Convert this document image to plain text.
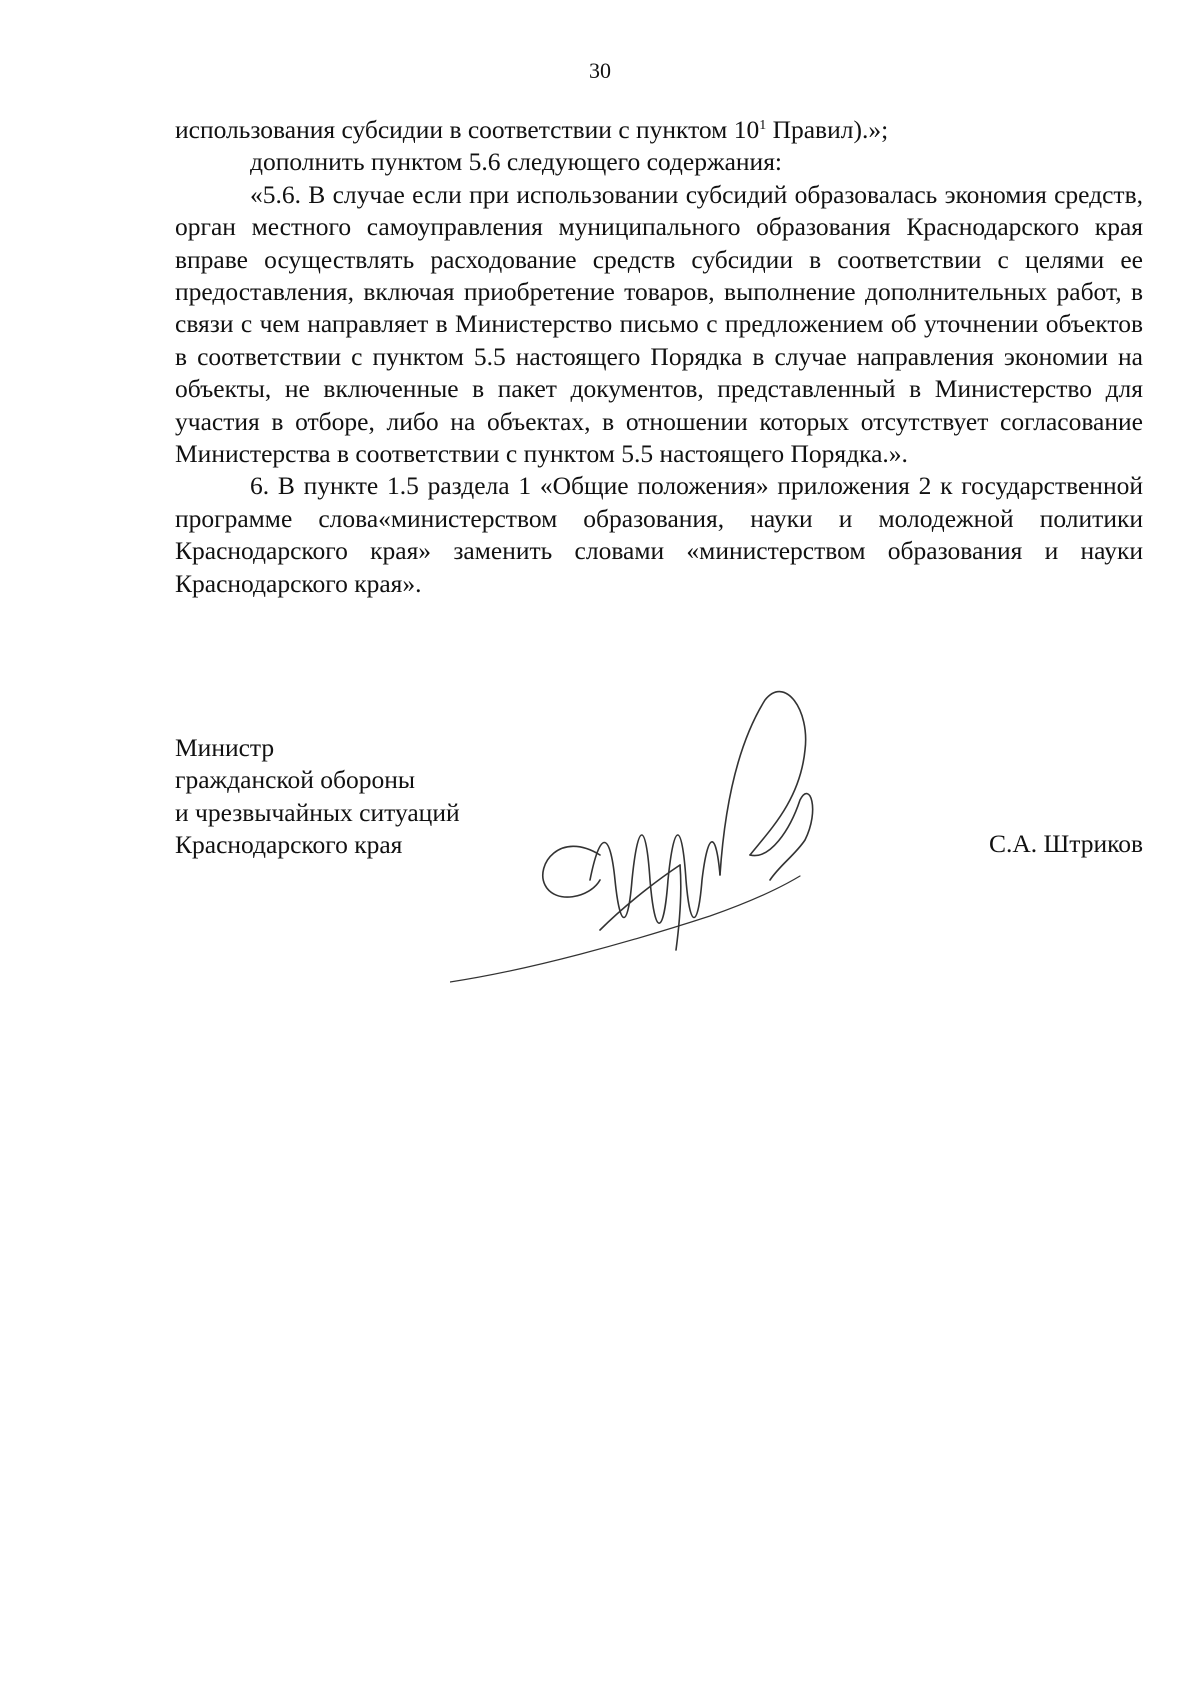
30

использования субсидии в соответствии с пунктом $10^1$ Правил).»;

дополнить пунктом 5.6 следующего содержания:

«5.6. В случае если при использовании субсидий образовалась экономия средств, орган местного самоуправления муниципального образования Краснодарского края вправе осуществлять расходование средств субсидии в соответствии с целями ее предоставления, включая приобретение товаров, выполнение дополнительных работ, в связи с чем направляет в Министерство письмо с предложением об уточнении объектов в соответствии с пунктом 5.5 настоящего Порядка в случае направления экономии на объекты, не включенные в пакет документов, представленный в Министерство для участия в отборе, либо на объектах, в отношении которых отсутствует согласование Министерства в соответствии с пунктом 5.5 настоящего Порядка.».

6. В пункте 1.5 раздела 1 «Общие положения» приложения 2 к государственной программе слова«министерством образования, науки и молодежной политики Краснодарского края» заменить словами «министерством образования и науки Краснодарского края».

Министр
гражданской обороны
и чрезвычайных ситуаций
Краснодарского края	С.А. Штриков
